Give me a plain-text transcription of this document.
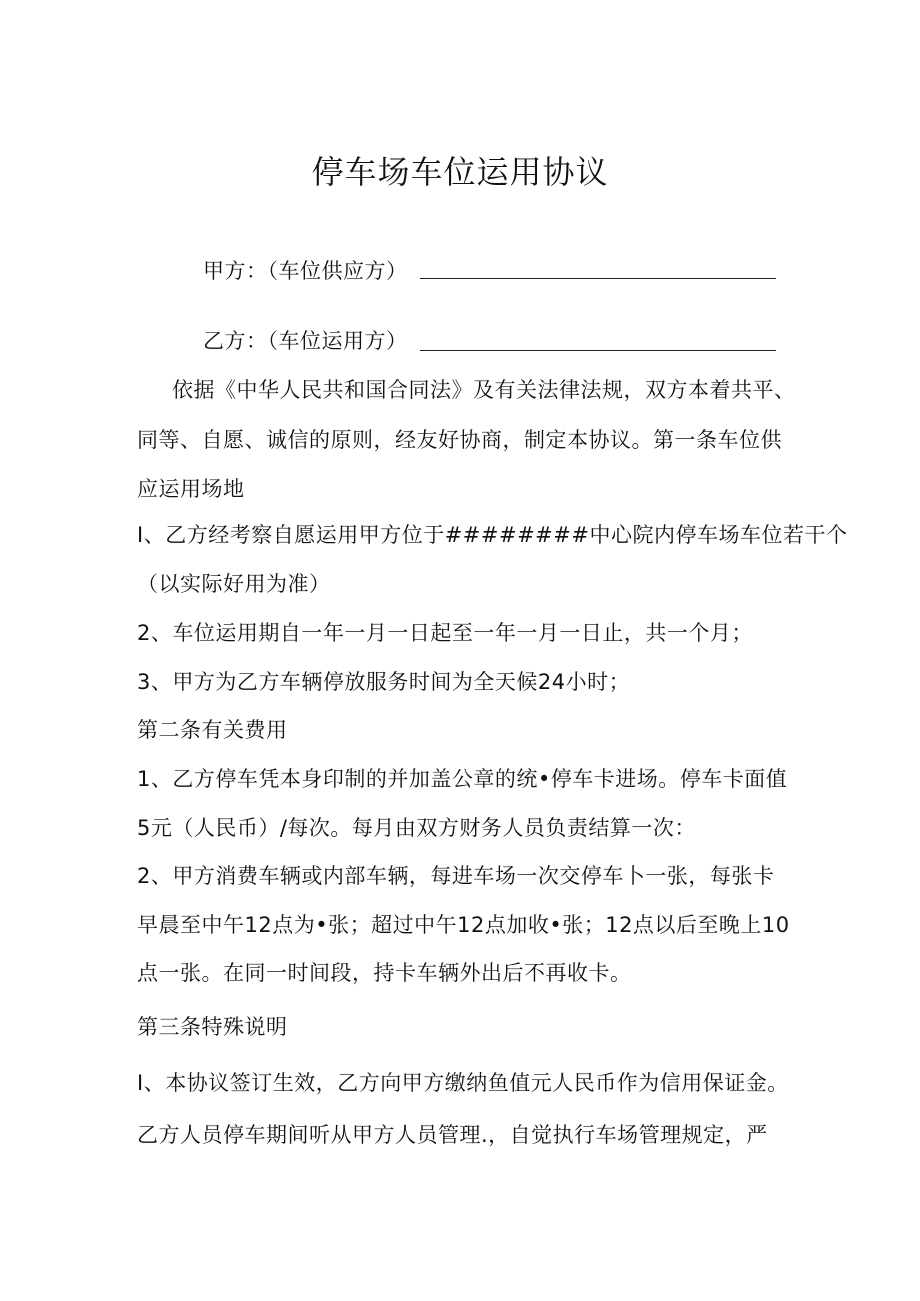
停车场车位运用协议
甲方：（车位供应方）
乙方：（车位运用方）
依据《中华人民共和国合同法》及有关法律法规，双方本着共平、
同等、自愿、诚信的原则，经友好协商，制定本协议。第一条车位供
应运用场地
I、乙方经考察自愿运用甲方位于########中心院内停车场车位若干个
（以实际好用为准）
2、车位运用期自一年一月一日起至一年一月一日止，共一个月；
3、甲方为乙方车辆停放服务时间为全天候24小时；
第二条有关费用
1、乙方停车凭本身印制的并加盖公章的统•停车卡进场。停车卡面值
5元（人民币）/每次。每月由双方财务人员负责结算一次：
2、甲方消费车辆或内部车辆，每进车场一次交停车卜一张，每张卡
早晨至中午12点为•张；超过中午12点加收•张；12点以后至晚上10
点一张。在同一时间段，持卡车辆外出后不再收卡。
第三条特殊说明
I、本协议签订生效，乙方向甲方缴纳鱼值元人民币作为信用保证金。
乙方人员停车期间听从甲方人员管理.，自觉执行车场管理规定，严
